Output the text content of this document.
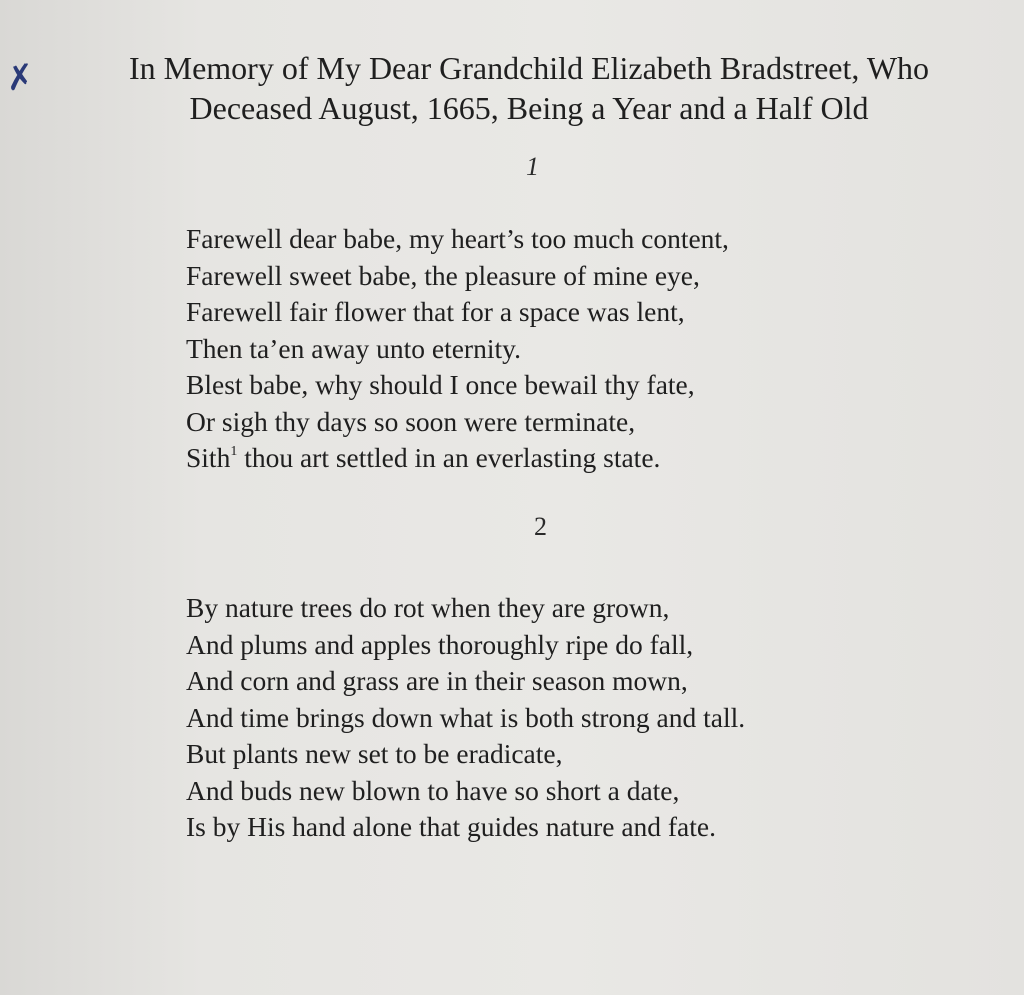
✗	In Memory of My Dear Grandchild Elizabeth Bradstreet, Who
Deceased August, 1665, Being a Year and a Half Old
1
Farewell dear babe, my heart’s too much content,
Farewell sweet babe, the pleasure of mine eye,
Farewell fair flower that for a space was lent,
Then ta’en away unto eternity.
Blest babe, why should I once bewail thy fate,
Or sigh thy days so soon were terminate,
Sith$^1$ thou art settled in an everlasting state.
2
By nature trees do rot when they are grown,
And plums and apples thoroughly ripe do fall,
And corn and grass are in their season mown,
And time brings down what is both strong and tall.
But plants new set to be eradicate,
And buds new blown to have so short a date,
Is by His hand alone that guides nature and fate.
